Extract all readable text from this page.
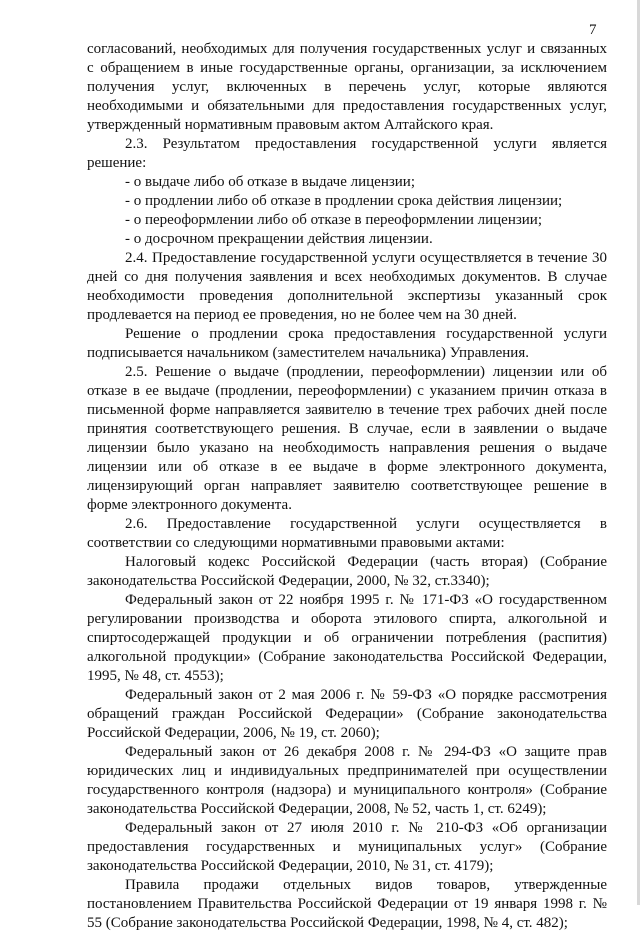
7

согласований, необходимых для получения государственных услуг и связанных с обращением в иные государственные органы, организации, за исключением получения услуг, включенных в перечень услуг, которые являются необходимыми и обязательными для предоставления государственных услуг, утвержденный нормативным правовым актом Алтайского края.

2.3. Результатом предоставления государственной услуги является решение:

- о выдаче либо об отказе в выдаче лицензии;

- о продлении либо об отказе в продлении срока действия лицензии;

- о переоформлении либо об отказе в переоформлении лицензии;

- о досрочном прекращении действия лицензии.

2.4. Предоставление государственной услуги осуществляется в течение 30 дней со дня получения заявления и всех необходимых документов. В случае необходимости проведения дополнительной экспертизы указанный срок продлевается на период ее проведения, но не более чем на 30 дней.

Решение о продлении срока предоставления государственной услуги подписывается начальником (заместителем начальника) Управления.

2.5. Решение о выдаче (продлении, переоформлении) лицензии или об отказе в ее выдаче (продлении, переоформлении) с указанием причин отказа в письменной форме направляется заявителю в течение трех рабочих дней после принятия соответствующего решения. В случае, если в заявлении о выдаче лицензии было указано на необходимость направления решения о выдаче лицензии или об отказе в ее выдаче в форме электронного документа, лицензирующий орган направляет заявителю соответствующее решение в форме электронного документа.

2.6. Предоставление государственной услуги осуществляется в соответствии со следующими нормативными правовыми актами:

Налоговый кодекс Российской Федерации (часть вторая) (Собрание законодательства Российской Федерации, 2000, № 32, ст.3340);

Федеральный закон от 22 ноября 1995 г. № 171-ФЗ «О государственном регулировании производства и оборота этилового спирта, алкогольной и спиртосодержащей продукции и об ограничении потребления (распития) алкогольной продукции» (Собрание законодательства Российской Федерации, 1995, № 48, ст. 4553);

Федеральный закон от 2 мая 2006 г. № 59-ФЗ «О порядке рассмотрения обращений граждан Российской Федерации» (Собрание законодательства Российской Федерации, 2006, № 19, ст. 2060);

Федеральный закон от 26 декабря 2008 г. № 294-ФЗ «О защите прав юридических лиц и индивидуальных предпринимателей при осуществлении государственного контроля (надзора) и муниципального контроля» (Собрание законодательства Российской Федерации, 2008, № 52, часть 1, ст. 6249);

Федеральный закон от 27 июля 2010 г. № 210-ФЗ «Об организации предоставления государственных и муниципальных услуг» (Собрание законодательства Российской Федерации, 2010, № 31, ст. 4179);

Правила продажи отдельных видов товаров, утвержденные постановлением Правительства Российской Федерации от 19 января 1998 г. № 55 (Собрание законодательства Российской Федерации, 1998, № 4, ст. 482);
